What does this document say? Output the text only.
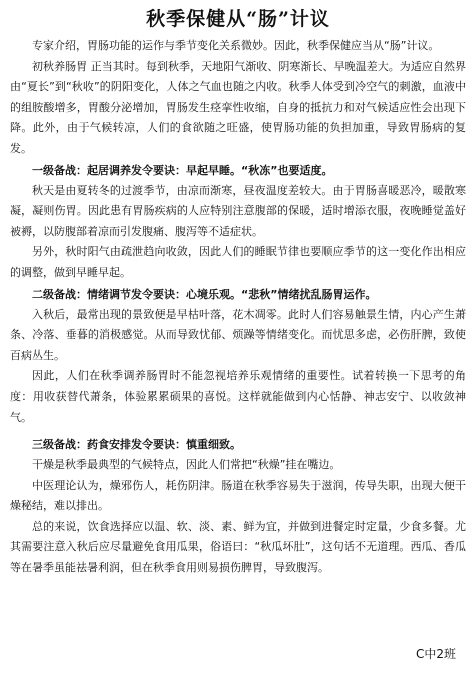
秋季保健从“肠”计议

专家介绍，胃肠功能的运作与季节变化关系微妙。因此，秋季保健应当从“肠”计议。

初秋养肠胃 正当其时。每到秋季，天地阳气渐收、阴寒渐长、早晚温差大。为适应自然界由“夏长”到“秋收”的阴阳变化，人体之气血也随之内收。秋季人体受到冷空气的刺激，血液中的组胺酸增多，胃酸分泌增加，胃肠发生痉挛性收缩，自身的抵抗力和对气候适应性会出现下降。此外，由于气候转凉，人们的食欲随之旺盛，使胃肠功能的负担加重，导致胃肠病的复发。

一级备战：起居调养发令要诀：早起早睡。“秋冻”也要适度。

秋天是由夏转冬的过渡季节，由凉而渐寒，昼夜温度差较大。由于胃肠喜暖恶冷，暖散寒凝，凝则伤胃。因此患有胃肠疾病的人应特别注意腹部的保暖，适时增添衣服，夜晚睡觉盖好被褥，以防腹部着凉而引发腹痛、腹泻等不适症状。

另外，秋时阳气由疏泄趋向收敛，因此人们的睡眠节律也要顺应季节的这一变化作出相应的调整，做到早睡早起。

二级备战：情绪调节发令要诀：心境乐观。“悲秋”情绪扰乱肠胃运作。

入秋后，最常出现的景致便是早枯叶落，花木凋零。此时人们容易触景生情，内心产生萧条、冷落、垂暮的消极感觉。从而导致忧郁、烦躁等情绪变化。而忧思多虑，必伤肝脾，致使百病丛生。

因此，人们在秋季调养肠胃时不能忽视培养乐观情绪的重要性。试着转换一下思考的角度：用收获替代萧条，体验累累硕果的喜悦。这样就能做到内心恬静、神志安宁、以收敛神气。

三级备战：药食安排发令要诀：慎重细致。

干燥是秋季最典型的气候特点，因此人们常把“秋燥”挂在嘴边。

中医理论认为，燥邪伤人，耗伤阴津。肠道在秋季容易失于滋润，传导失职，出现大便干燥秘结，难以排出。

总的来说，饮食选择应以温、软、淡、素、鲜为宜，并做到进餐定时定量，少食多餐。尤其需要注意入秋后应尽量避免食用瓜果，俗语曰：“秋瓜坏肚”，这句话不无道理。西瓜、香瓜等在暑季虽能祛暑利润，但在秋季食用则易损伤脾胃，导致腹泻。

C中2班
